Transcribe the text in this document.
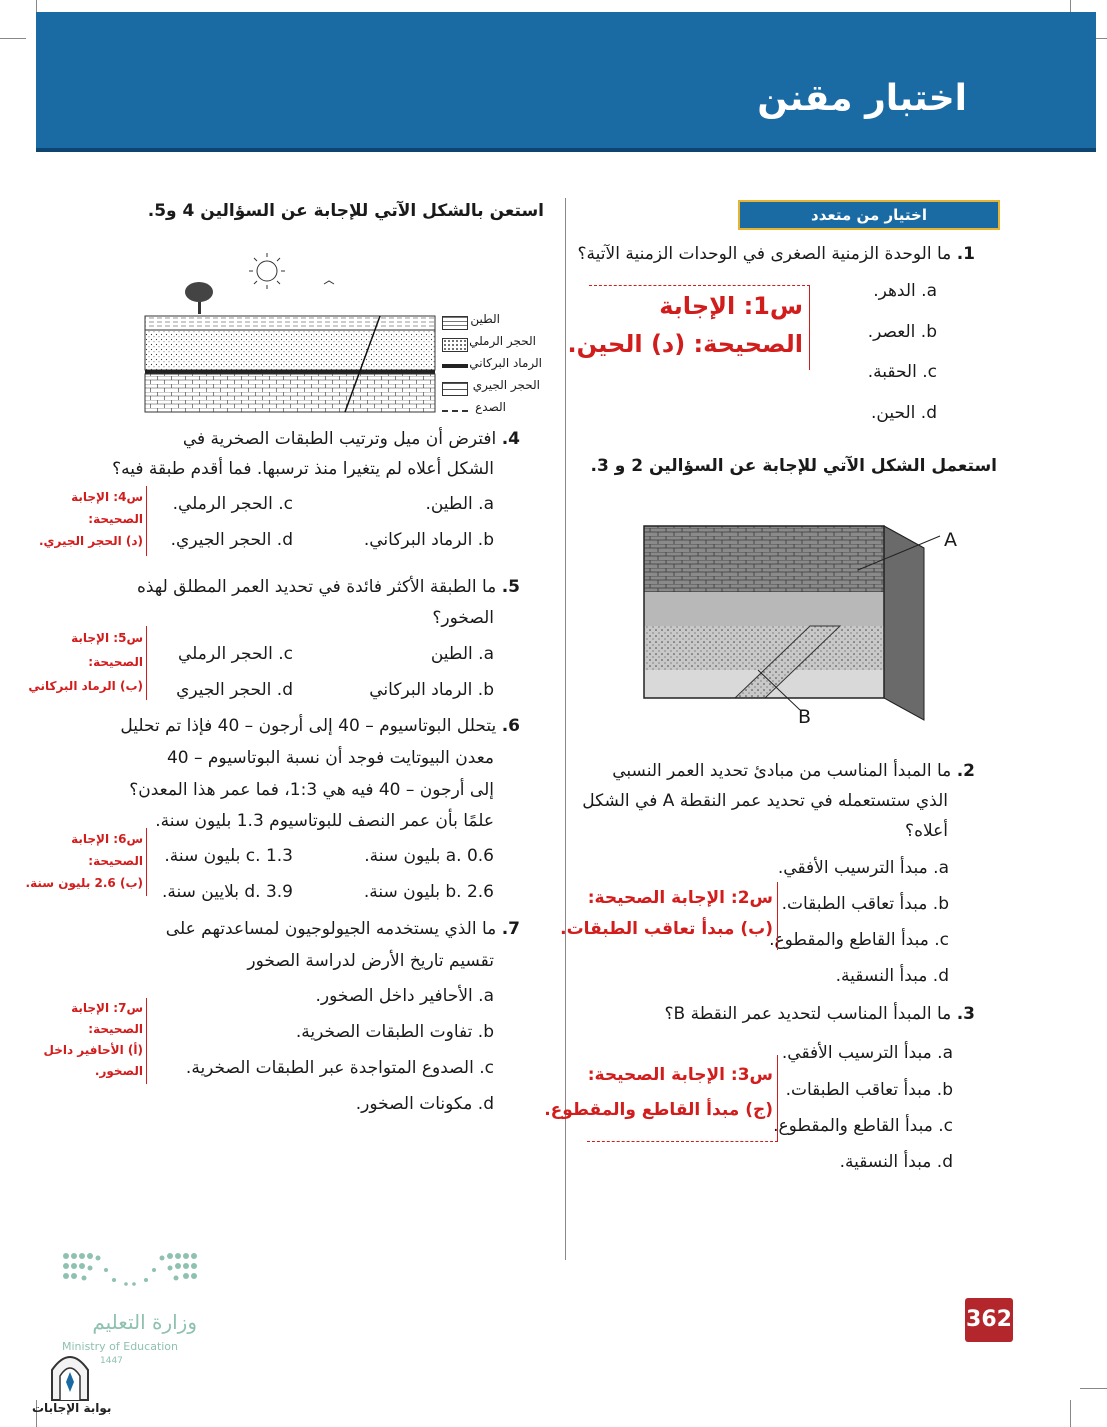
اختبار مقنن
اختيار من متعدد
1. ما الوحدة الزمنية الصغرى في الوحدات الزمنية الآتية؟
a. الدهر.
b. العصر.
c. الحقبة.
d. الحين.
س1: الإجابة
الصحيحة: (د) الحين.
استعمل الشكل الآتي للإجابة عن السؤالين 2 و 3.
A
B
2. ما المبدأ المناسب من مبادئ تحديد العمر النسبي
الذي ستستعمله في تحديد عمر النقطة A في الشكل
أعلاه؟
a. مبدأ الترسيب الأفقي.
b. مبدأ تعاقب الطبقات.
c. مبدأ القاطع والمقطوع.
d. مبدأ النسقية.
س2: الإجابة الصحيحة:
(ب) مبدأ تعاقب الطبقات.
3. ما المبدأ المناسب لتحديد عمر النقطة B؟
a. مبدأ الترسيب الأفقي.
b. مبدأ تعاقب الطبقات.
c. مبدأ القاطع والمقطوع.
d. مبدأ النسقية.
س3: الإجابة الصحيحة:
(ج) مبدأ القاطع والمقطوع.
استعن بالشكل الآتي للإجابة عن السؤالين 4 و5.
الطين
الحجر الرملي
الرماد البركاني
الحجر الجيري
الصدع
4. افترض أن ميل وترتيب الطبقات الصخرية في
الشكل أعلاه لم يتغيرا منذ ترسبها. فما أقدم طبقة فيه؟
a. الطين.
b. الرماد البركاني.
c. الحجر الرملي.
d. الحجر الجيري.
س4: الإجابة
الصحيحة:
(د) الحجر الجيري.
5. ما الطبقة الأكثر فائدة في تحديد العمر المطلق لهذه
الصخور؟
a. الطين
b. الرماد البركاني
c. الحجر الرملي
d. الحجر الجيري
س5: الإجابة
الصحيحة:
(ب) الرماد البركاني
6. يتحلل البوتاسيوم – 40 إلى أرجون – 40 فإذا تم تحليل
معدن البيوتايت فوجد أن نسبة البوتاسيوم – 40
إلى أرجون – 40 فيه هي 1:3، فما عمر هذا المعدن؟
علمًا بأن عمر النصف للبوتاسيوم 1.3 بليون سنة.
a. 0.6 بليون سنة.
b. 2.6 بليون سنة.
c. 1.3 بليون سنة.
d. 3.9 بلايين سنة.
س6: الإجابة
الصحيحة:
(ب) 2.6 بليون سنة.
7. ما الذي يستخدمه الجيولوجيون لمساعدتهم على
تقسيم تاريخ الأرض لدراسة الصخور
a. الأحافير داخل الصخور.
b. تفاوت الطبقات الصخرية.
c. الصدوع المتواجدة عبر الطبقات الصخرية.
d. مكونات الصخور.
س7: الإجابة
الصحيحة:
(أ) الأحافير داخل
الصخور.
362
وزارة التعليم
Ministry of Education
1447
بوابة الإجابات
